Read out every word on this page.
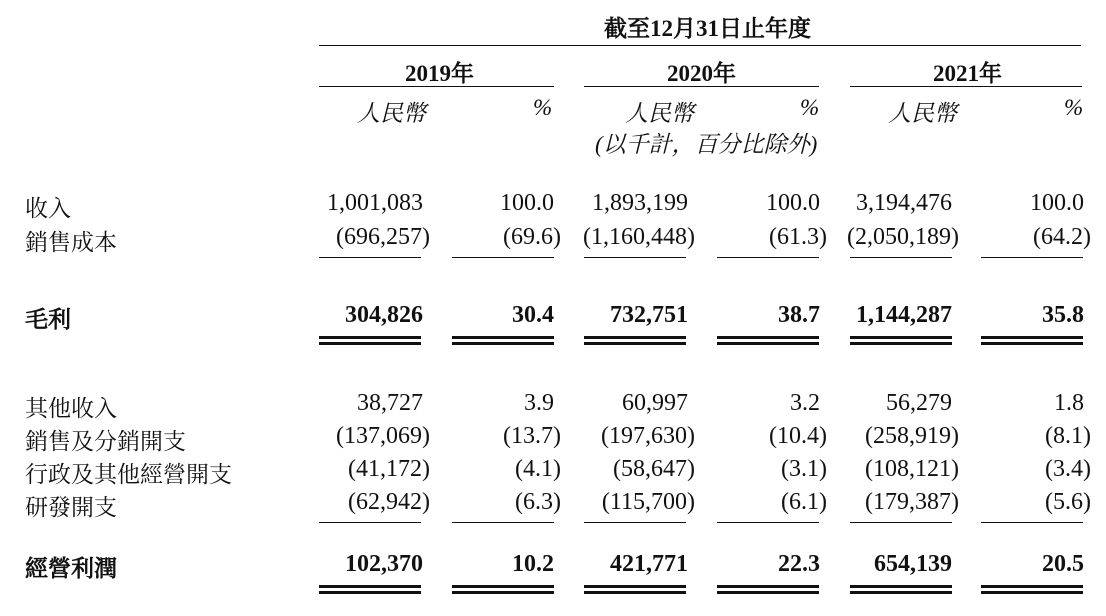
截至12月31日止年度
2019年	2020年	2021年
人民幣	%	人民幣	%
(以千計，百分比除外)
人民幣	%
收入	1,001,083	100.0 1,893,199	100.0 3,194,476	100.0
銷售成本	(696,257)	(69.6) (1,160,448)	(61.3) (2,050,189)	(64.2)
毛利	304,826	30.4 732,751	38.7 1,144,287	35.8
其他收入	38,727	3.9	60,997	3.2	56,279	1.8
銷售及分銷開支	(137,069)	(13.7) (197,630)	(10.4) (258,919)	(8.1)
行政及其他經營開支	(41,172)	(4.1) (58,647)	(3.1) (108,121)	(3.4)
研發開支	(62,942)	(6.3) (115,700)	(6.1) (179,387)	(5.6)
經營利潤	102,370	10.2 421,771	22.3 654,139	20.5
